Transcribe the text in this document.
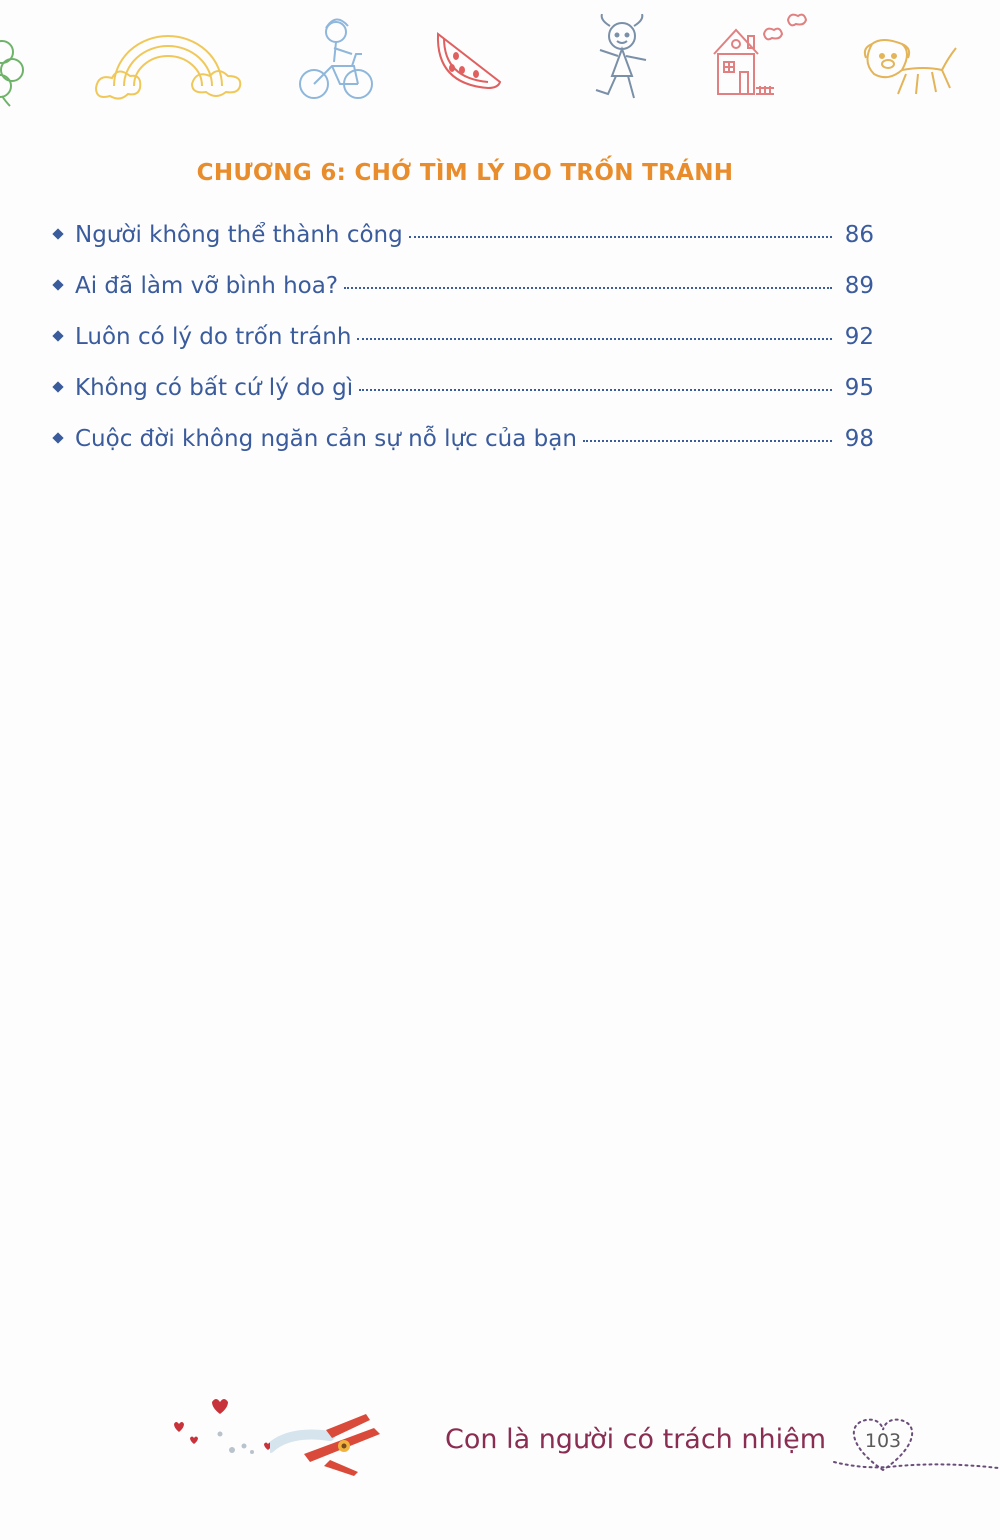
CHƯƠNG 6: CHỚ TÌM LÝ DO TRỐN TRÁNH
Người không thể thành công	86
Ai đã làm vỡ bình hoa?	89
Luôn có lý do trốn tránh	92
Không có bất cứ lý do gì	95
Cuộc đời không ngăn cản sự nỗ lực của bạn	98
Con là người có trách nhiệm	103
